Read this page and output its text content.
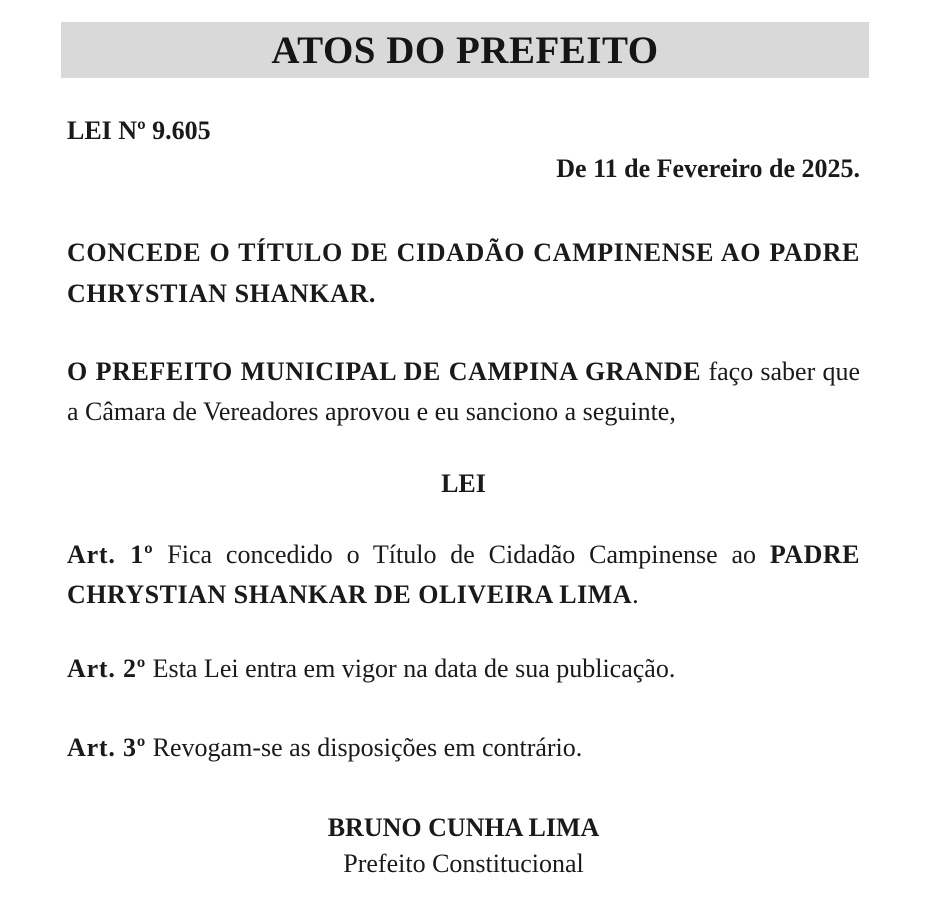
ATOS DO PREFEITO
LEI Nº 9.605
De 11 de Fevereiro de 2025.
CONCEDE O TÍTULO DE CIDADÃO CAMPINENSE AO PADRE CHRYSTIAN SHANKAR.
O PREFEITO MUNICIPAL DE CAMPINA GRANDE faço saber que a Câmara de Vereadores aprovou e eu sanciono a seguinte,
LEI
Art. 1º Fica concedido o Título de Cidadão Campinense ao PADRE CHRYSTIAN SHANKAR DE OLIVEIRA LIMA.
Art. 2º Esta Lei entra em vigor na data de sua publicação.
Art. 3º Revogam-se as disposições em contrário.
BRUNO CUNHA LIMA
Prefeito Constitucional
